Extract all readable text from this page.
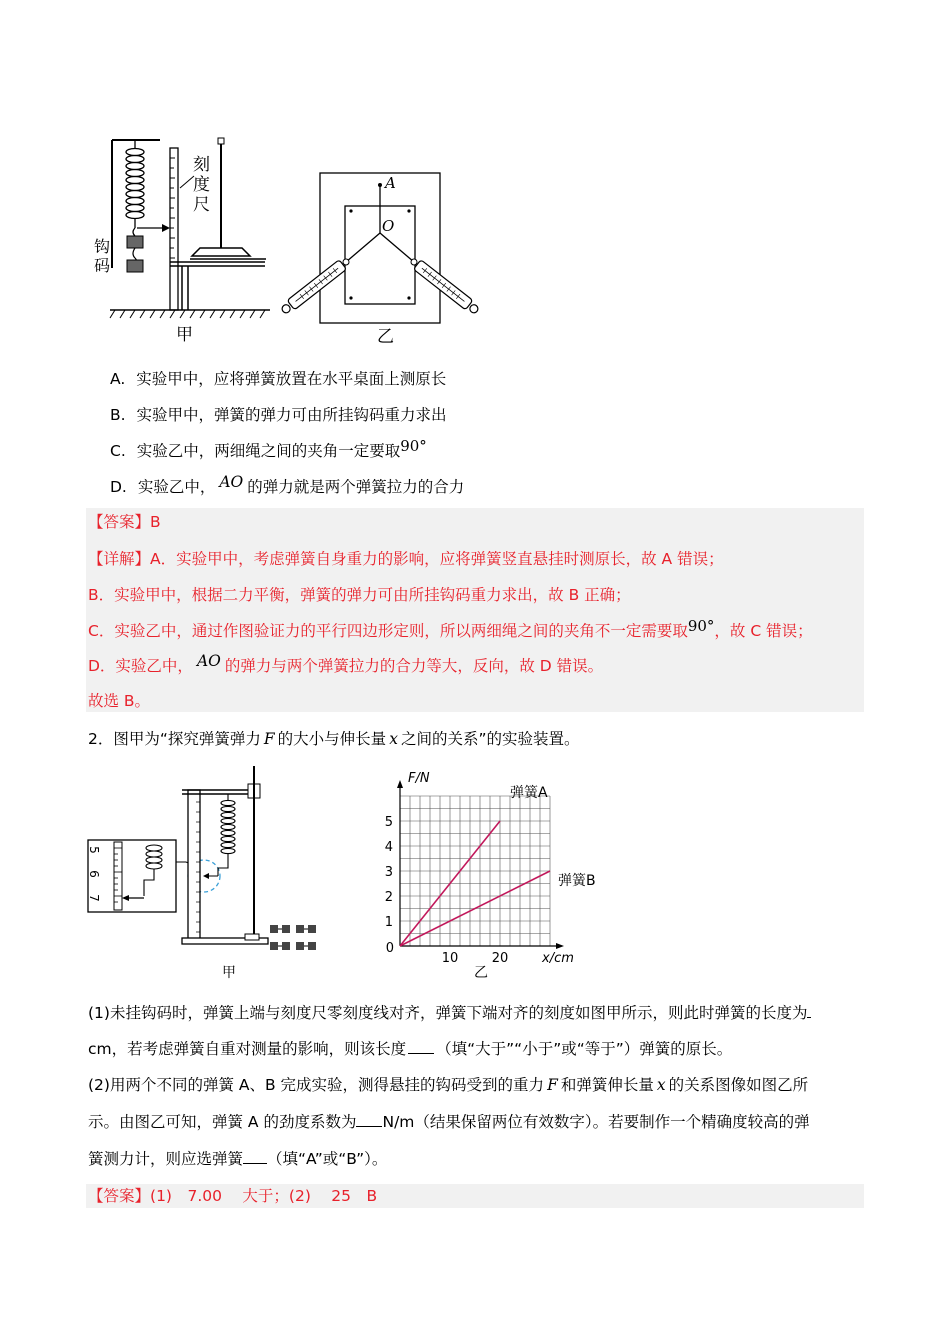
刻度尺
钩码
甲
A
O
乙
A. 实验甲中，应将弹簧放置在水平桌面上测原长
B. 实验甲中，弹簧的弹力可由所挂钩码重力求出
C. 实验乙中，两细绳之间的夹角一定要取90°
D. 实验乙中， AO 的弹力就是两个弹簧拉力的合力
【答案】B
【详解】A．实验甲中，考虑弹簧自身重力的影响，应将弹簧竖直悬挂时测原长，故 A 错误；
B．实验甲中，根据二力平衡，弹簧的弹力可由所挂钩码重力求出，故 B 正确；
C．实验乙中，通过作图验证力的平行四边形定则，所以两细绳之间的夹角不一定需要取90°，故 C 错误；
D．实验乙中， AO 的弹力与两个弹簧拉力的合力等大，反向，故 D 错误。
故选 B。
2．图甲为“探究弹簧弹力 F 的大小与伸长量 x 之间的关系”的实验装置。
5
6
7
甲
1
2
3
4
5
10	20
0
F/N
x/cm
弹簧A
弹簧B
乙
(1)未挂钩码时，弹簧上端与刻度尺零刻度线对齐，弹簧下端对齐的刻度如图甲所示，则此时弹簧的长度为
cm，若考虑弹簧自重对测量的影响，则该长度 （填“大于”“小于”或“等于”）弹簧的原长。
(2)用两个不同的弹簧 A、B 完成实验，测得悬挂的钩码受到的重力 F 和弹簧伸长量 x 的关系图像如图乙所
示。由图乙可知，弹簧 A 的劲度系数为 N/m（结果保留两位有效数字）。若要制作一个精确度较高的弹
簧测力计，则应选弹簧 （填“A”或“B”）。
【答案】(1)　7.00　 大于；(2)　 25　B
